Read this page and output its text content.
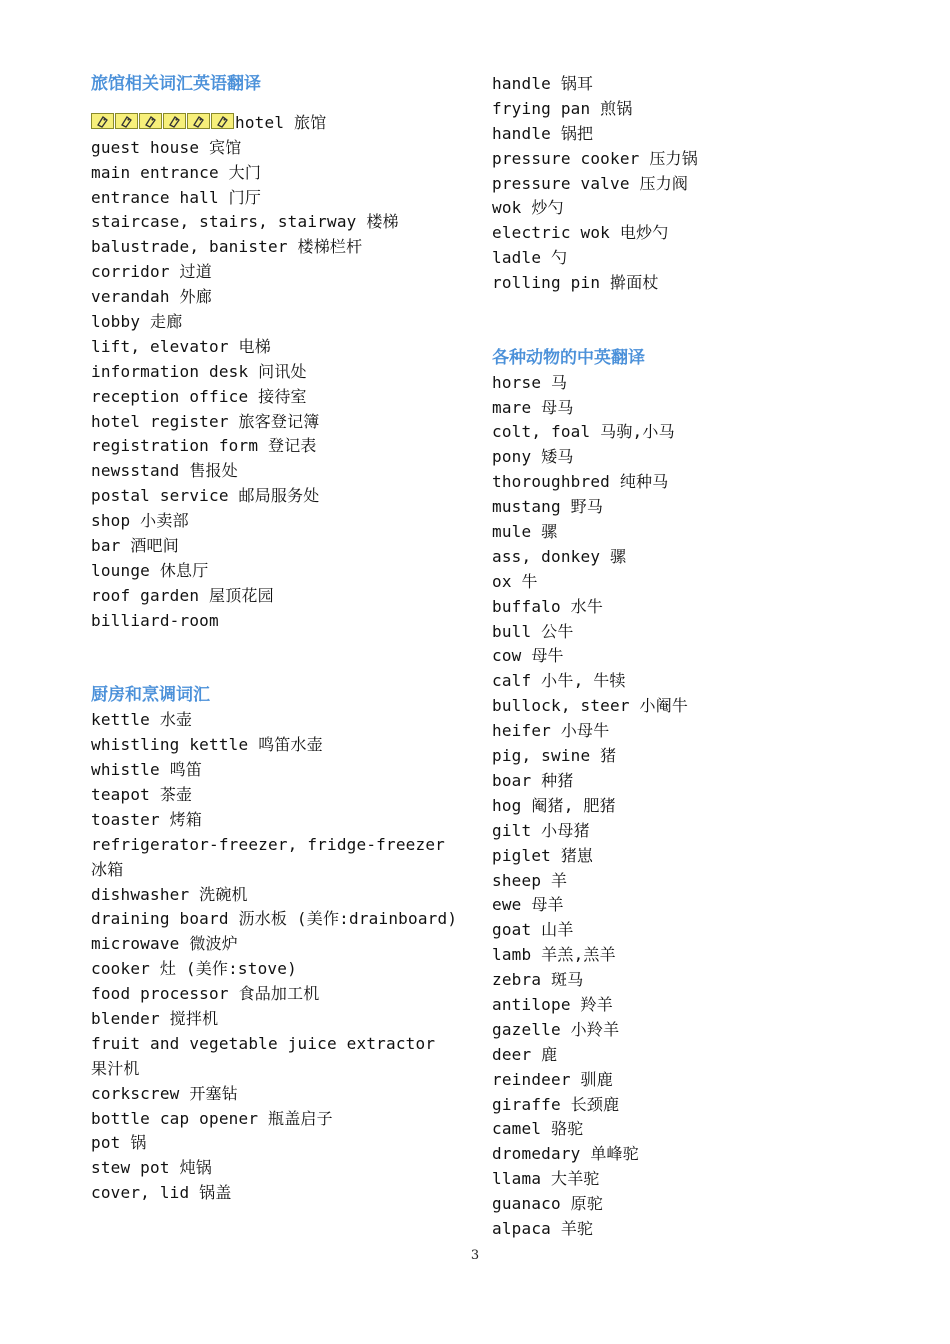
旅馆相关词汇英语翻译
hotel 旅馆
guest house 宾馆
main entrance 大门
entrance hall 门厅
staircase, stairs, stairway 楼梯
balustrade, banister 楼梯栏杆
corridor 过道
verandah 外廊
lobby 走廊
lift, elevator 电梯
information desk 问讯处
reception office 接待室
hotel register 旅客登记簿
registration form 登记表
newsstand 售报处
postal service 邮局服务处
shop 小卖部
bar 酒吧间
lounge 休息厅
roof garden 屋顶花园
billiard-room
厨房和烹调词汇
kettle 水壶
whistling kettle 鸣笛水壶
whistle 鸣笛
teapot 茶壶
toaster 烤箱
refrigerator-freezer, fridge-freezer 冰箱
dishwasher 洗碗机
draining board 沥水板 (美作:drainboard)
microwave 微波炉
cooker 灶 (美作:stove)
food processor 食品加工机
blender 搅拌机
fruit and vegetable juice extractor 果汁机
corkscrew 开塞钻
bottle cap opener 瓶盖启子
pot 锅
stew pot 炖锅
cover, lid 锅盖
handle 锅耳
frying pan 煎锅
handle 锅把
pressure cooker 压力锅
pressure valve 压力阀
wok 炒勺
electric wok 电炒勺
ladle 勺
rolling pin 擀面杖
各种动物的中英翻译
horse 马
mare 母马
colt, foal 马驹,小马
pony 矮马
thoroughbred 纯种马
mustang 野马
mule 骡
ass, donkey 骡
ox 牛
buffalo 水牛
bull 公牛
cow 母牛
calf 小牛, 牛犊
bullock, steer 小阉牛
heifer 小母牛
pig, swine 猪
boar 种猪
hog 阉猪, 肥猪
gilt 小母猪
piglet 猪崽
sheep 羊
ewe 母羊
goat 山羊
lamb 羊羔,羔羊
zebra 斑马
antilope 羚羊
gazelle 小羚羊
deer 鹿
reindeer 驯鹿
giraffe 长颈鹿
camel 骆驼
dromedary 单峰驼
llama 大羊驼
guanaco 原驼
alpaca 羊驼
3
